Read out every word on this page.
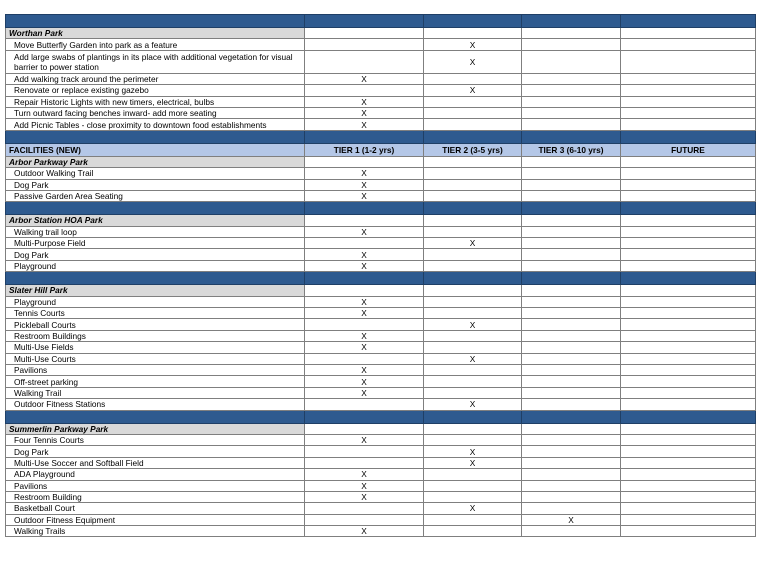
Worthan Park				
Move Butterfly Garden into park as a feature		X		
Add large swabs of plantings in its place with additional vegetation for visual barrier to power station		X		
Add walking track around the perimeter	X			
Renovate or replace existing gazebo		X		
Repair Historic Lights with new timers, electrical, bulbs	X			
Turn outward facing benches inward- add more seating	X			
Add Picnic Tables - close proximity to downtown food establishments	X			

FACILITIES (NEW)	TIER 1 (1-2 yrs)	TIER 2 (3-5 yrs)	TIER 3 (6-10 yrs)	FUTURE
Arbor Parkway Park				
Outdoor Walking Trail	X			
Dog Park	X			
Passive Garden Area Seating	X			

Arbor Station HOA Park				
Walking trail loop	X			
Multi-Purpose Field		X		
Dog Park	X			
Playground	X			

Slater Hill Park				
Playground	X			
Tennis Courts	X			
Pickleball Courts		X		
Restroom Buildings	X			
Multi-Use Fields	X			
Multi-Use Courts		X		
Pavilions	X			
Off-street parking	X			
Walking Trail	X			
Outdoor Fitness Stations		X		

Summerlin Parkway Park				
Four Tennis Courts	X			
Dog Park		X		
Multi-Use Soccer and Softball Field		X		
ADA Playground	X			
Pavilions	X			
Restroom Building	X			
Basketball Court		X		
Outdoor Fitness Equipment			X	
Walking Trails	X			
